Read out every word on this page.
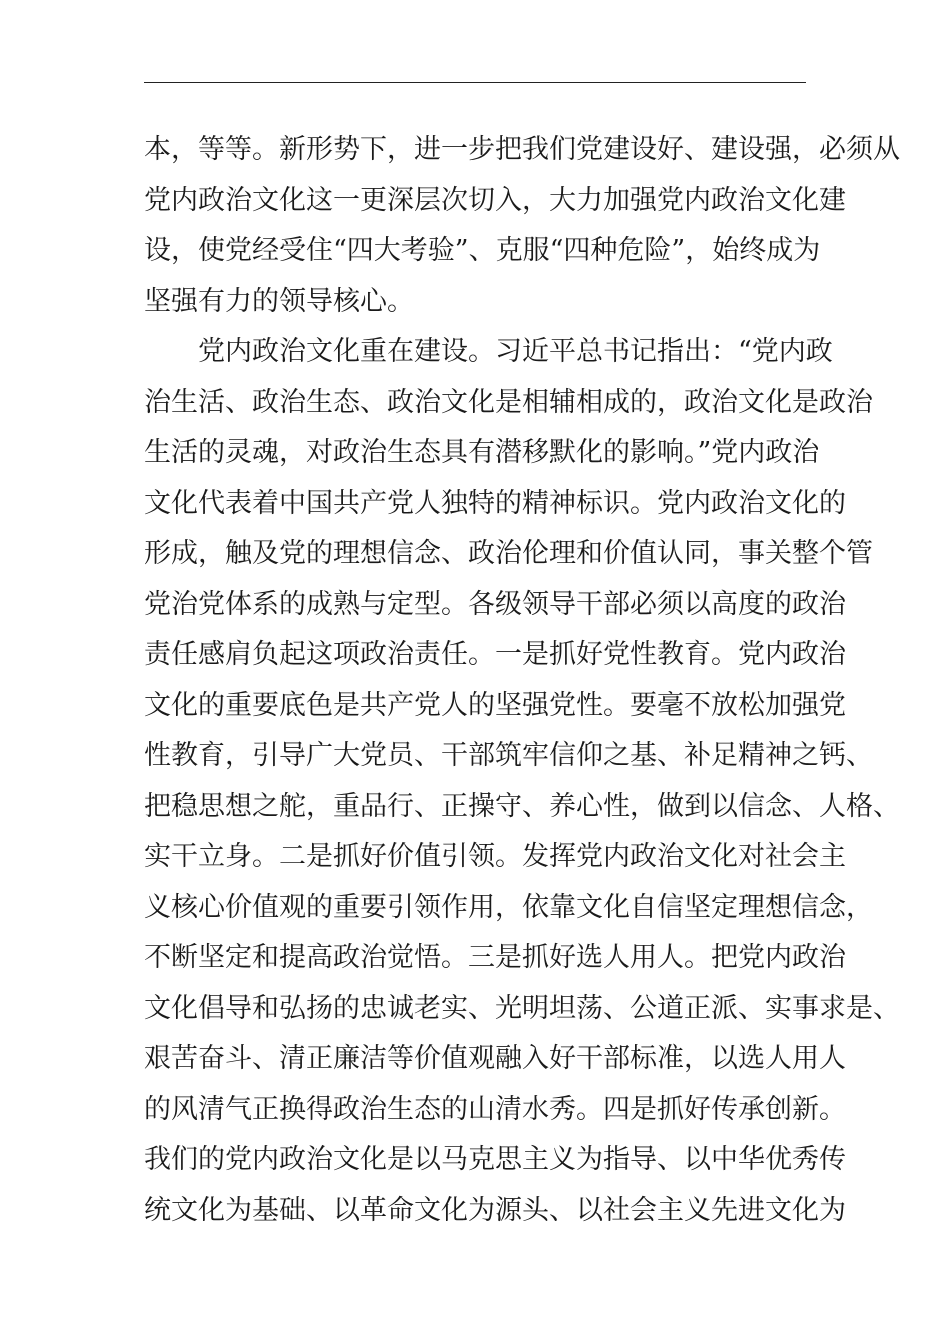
本，等等。新形势下，进一步把我们党建设好、建设强，必须从
党内政治文化这一更深层次切入，大力加强党内政治文化建
设，使党经受住“四大考验”、克服“四种危险”，始终成为
坚强有力的领导核心。
党内政治文化重在建设。习近平总书记指出：“党内政
治生活、政治生态、政治文化是相辅相成的，政治文化是政治
生活的灵魂，对政治生态具有潜移默化的影响。”党内政治
文化代表着中国共产党人独特的精神标识。党内政治文化的
形成，触及党的理想信念、政治伦理和价值认同，事关整个管
党治党体系的成熟与定型。各级领导干部必须以高度的政治
责任感肩负起这项政治责任。一是抓好党性教育。党内政治
文化的重要底色是共产党人的坚强党性。要毫不放松加强党
性教育，引导广大党员、干部筑牢信仰之基、补足精神之钙、
把稳思想之舵，重品行、正操守、养心性，做到以信念、人格、
实干立身。二是抓好价值引领。发挥党内政治文化对社会主
义核心价值观的重要引领作用，依靠文化自信坚定理想信念，
不断坚定和提高政治觉悟。三是抓好选人用人。把党内政治
文化倡导和弘扬的忠诚老实、光明坦荡、公道正派、实事求是、
艰苦奋斗、清正廉洁等价值观融入好干部标准，以选人用人
的风清气正换得政治生态的山清水秀。四是抓好传承创新。
我们的党内政治文化是以马克思主义为指导、以中华优秀传
统文化为基础、以革命文化为源头、以社会主义先进文化为
